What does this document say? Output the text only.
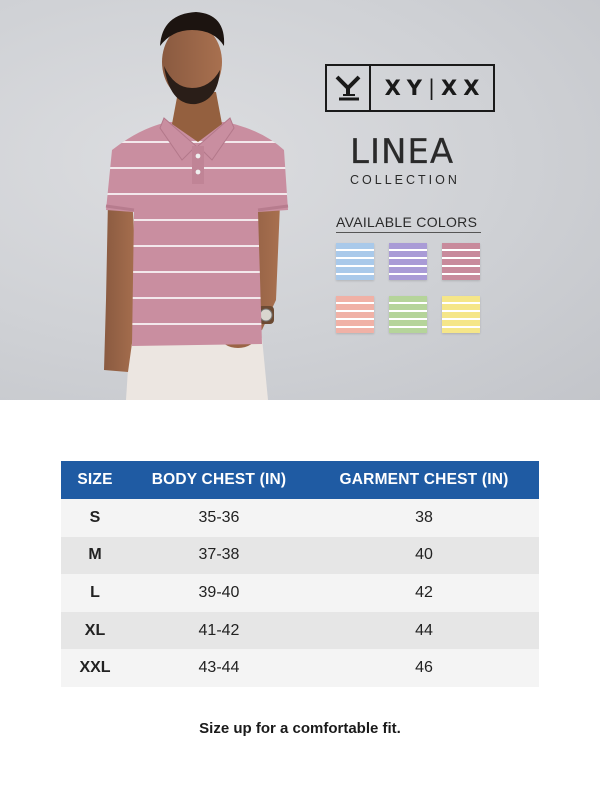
XY|XX
LINEA
COLLECTION
AVAILABLE COLORS
SIZE	BODY CHEST (IN)	GARMENT CHEST (IN)
S	35-36	38
M	37-38	40
L	39-40	42
XL	41-42	44
XXL	43-44	46
Size up for a comfortable fit.
